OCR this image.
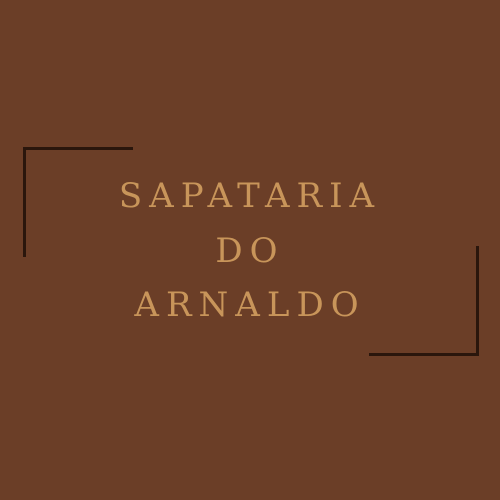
SAPATARIA
DO
ARNALDO
